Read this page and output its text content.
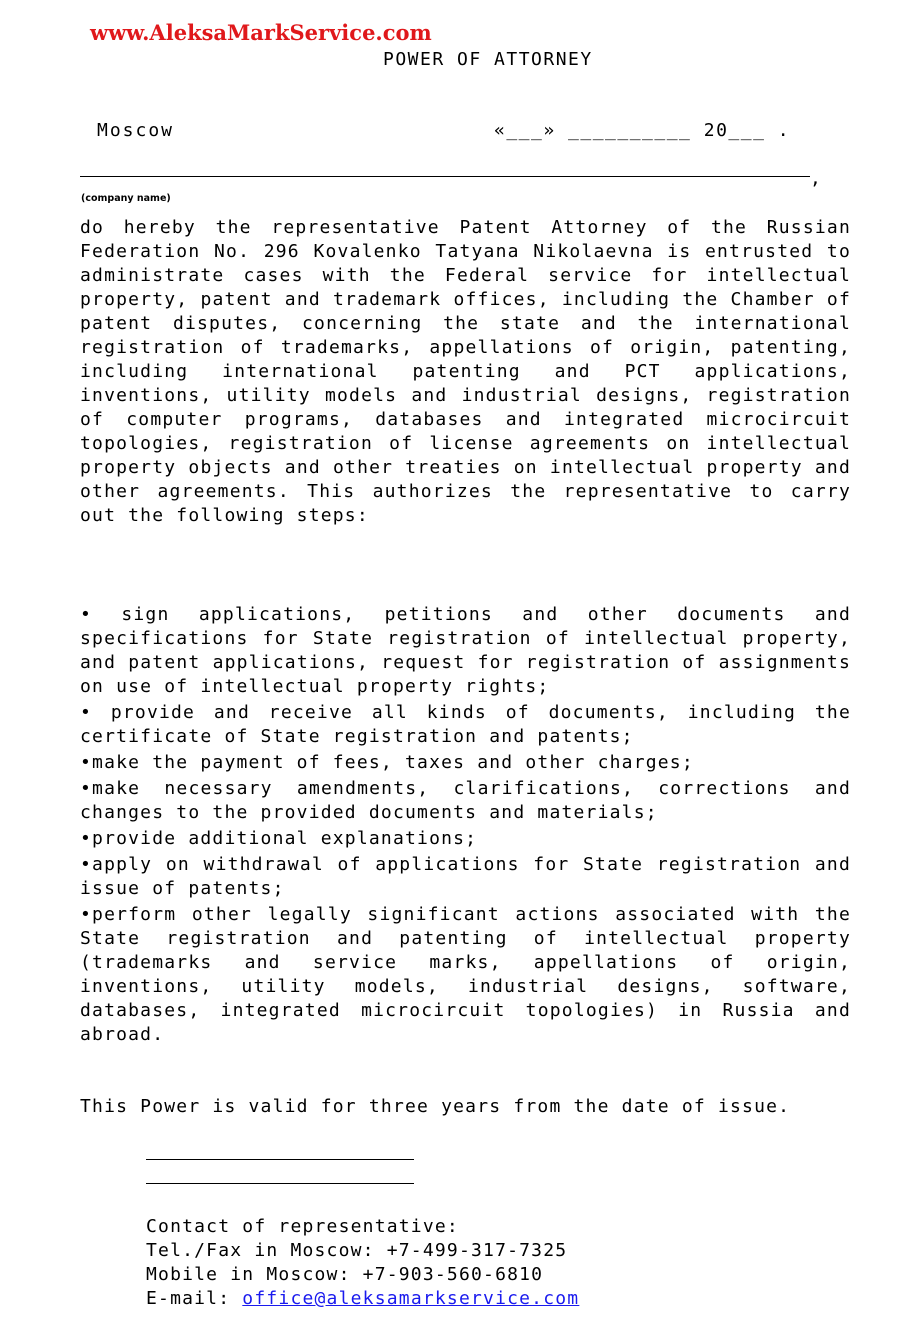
www.AleksaMarkService.com
POWER OF ATTORNEY
Moscow	«___» __________ 20___ .
,
(company name)
do hereby the representative Patent Attorney of the Russian Federation No. 296 Kovalenko Tatyana Nikolaevna is entrusted to administrate cases with the Federal service for intellectual property, patent and trademark offices, including the Chamber of patent disputes, concerning the state and the international registration of trademarks, appellations of origin, patenting, including international patenting and PCT applications, inventions, utility models and industrial designs, registration of computer programs, databases and integrated microcircuit topologies, registration of license agreements on intellectual property objects and other treaties on intellectual property and other agreements. This authorizes the representative to carry out the following steps:
• sign applications, petitions and other documents and specifications for State registration of intellectual property, and patent applications, request for registration of assignments on use of intellectual property rights;
• provide and receive all kinds of documents, including the certificate of State registration and patents;
•make the payment of fees, taxes and other charges;
•make necessary amendments, clarifications, corrections and changes to the provided documents and materials;
•provide additional explanations;
•apply on withdrawal of applications for State registration and issue of patents;
•perform other legally significant actions associated with the State registration and patenting of intellectual property (trademarks and service marks, appellations of origin, inventions, utility models, industrial designs, software, databases, integrated microcircuit topologies) in Russia and abroad.
This Power is valid for three years from the date of issue.
Contact of representative:
Tel./Fax in Moscow: +7-499-317-7325
Mobile in Moscow: +7-903-560-6810
E-mail: office@aleksamarkservice.com
